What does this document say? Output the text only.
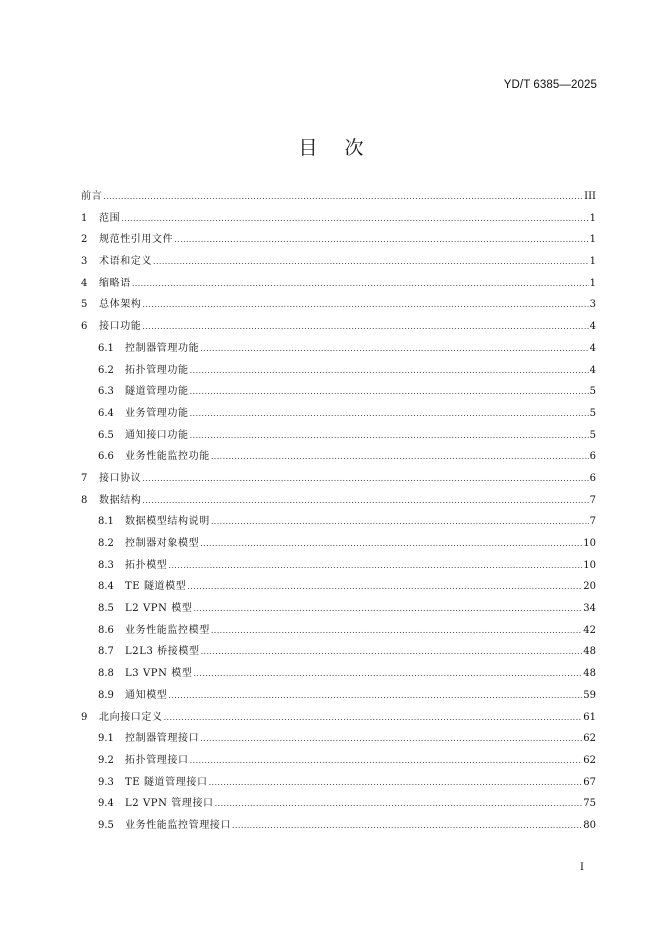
YD/T 6385—2025
目 次
前言 .....	III
1	范围 .....	1
2	规范性引用文件 .....	1
3	术语和定义 .....	1
4	缩略语 .....	1
5	总体架构 .....	3
6	接口功能 .....	4
6.1	控制器管理功能 .....	4
6.2	拓扑管理功能 .....	4
6.3	隧道管理功能 .....	5
6.4	业务管理功能 .....	5
6.5	通知接口功能 .....	5
6.6	业务性能监控功能 .....	6
7	接口协议 .....	6
8	数据结构 .....	7
8.1	数据模型结构说明 .....	7
8.2	控制器对象模型 .....	10
8.3	拓扑模型 .....	10
8.4	TE 隧道模型 .....	20
8.5	L2 VPN 模型 .....	34
8.6	业务性能监控模型 .....	42
8.7	L2L3 桥接模型 .....	48
8.8	L3 VPN 模型 .....	48
8.9	通知模型 .....	59
9	北向接口定义 .....	61
9.1	控制器管理接口 .....	62
9.2	拓扑管理接口 .....	62
9.3	TE 隧道管理接口 .....	67
9.4	L2 VPN 管理接口 .....	75
9.5	业务性能监控管理接口 .....	80
I
